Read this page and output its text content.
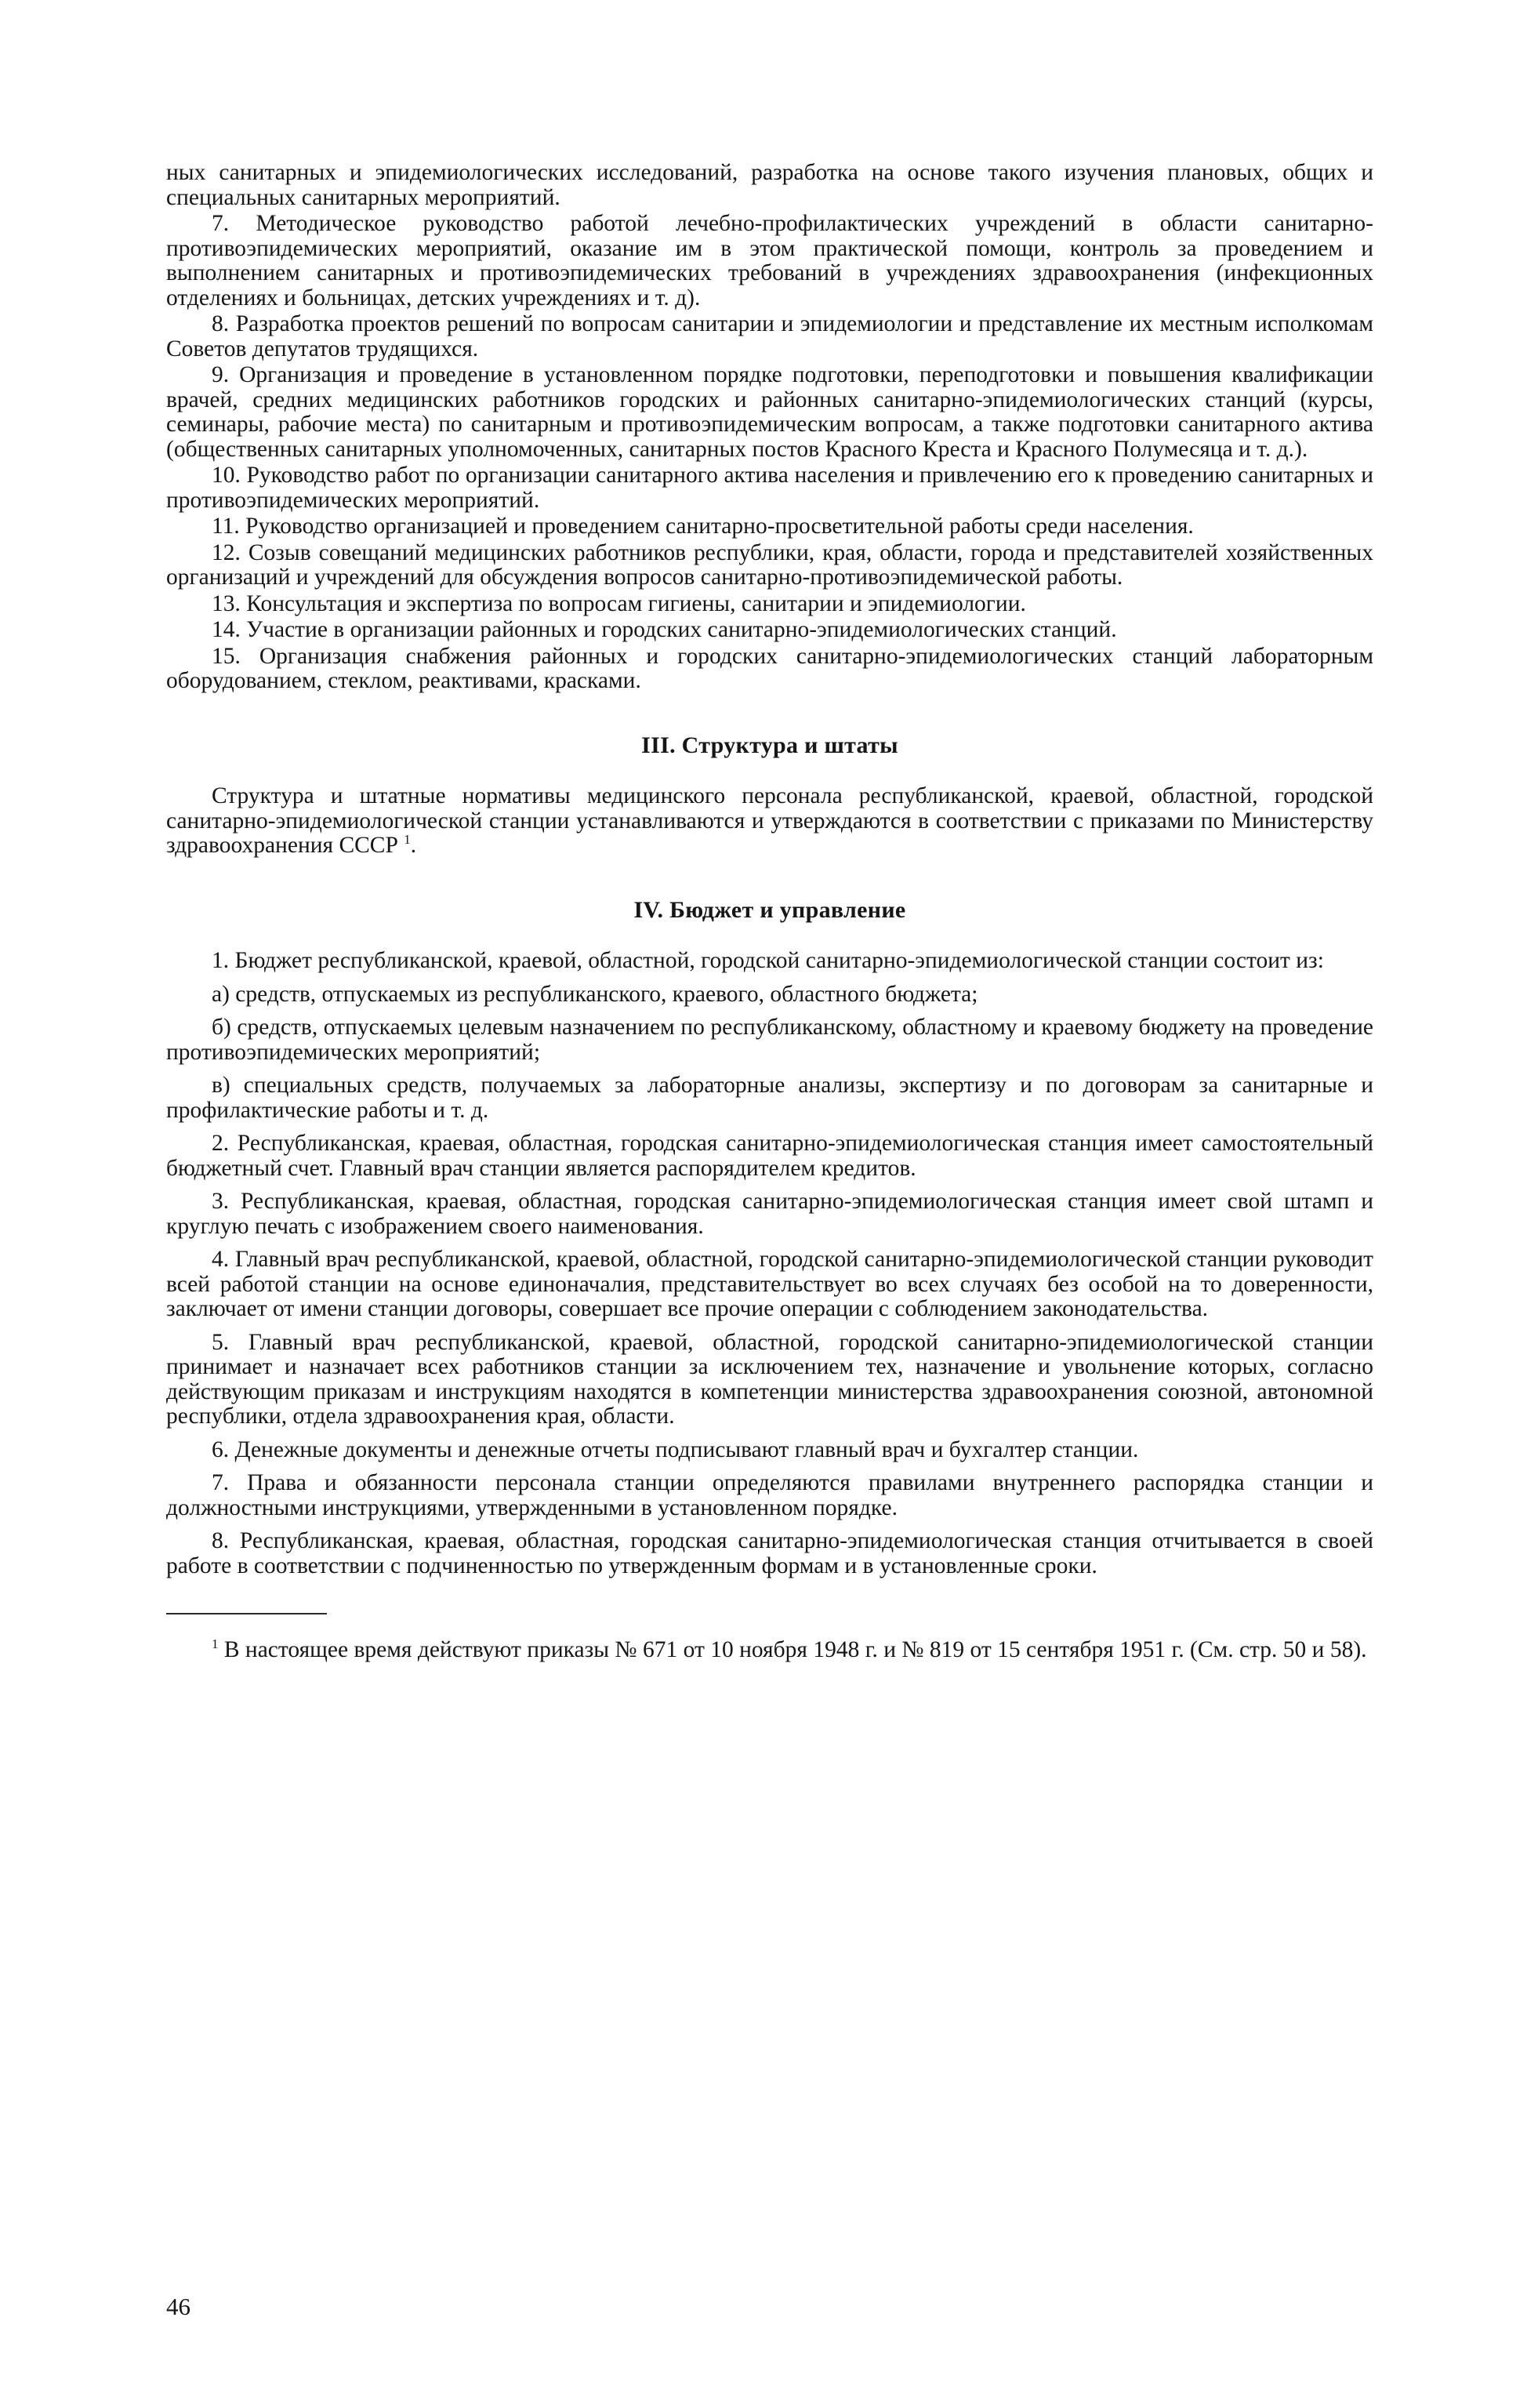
ных санитарных и эпидемиологических исследований, разработка на основе такого изучения плановых, общих и специальных санитарных мероприятий.

7. Методическое руководство работой лечебно-профилактических учреждений в области санитарно-противоэпидемических мероприятий, оказание им в этом практической помощи, контроль за проведением и выполнением санитарных и противоэпидемических требований в учреждениях здравоохранения (инфекционных отделениях и больницах, детских учреждениях и т. д).

8. Разработка проектов решений по вопросам санитарии и эпидемиологии и представление их местным исполкомам Советов депутатов трудящихся.

9. Организация и проведение в установленном порядке подготовки, переподготовки и повышения квалификации врачей, средних медицинских работников городских и районных санитарно-эпидемиологических станций (курсы, семинары, рабочие места) по санитарным и противоэпидемическим вопросам, а также подготовки санитарного актива (общественных санитарных уполномоченных, санитарных постов Красного Креста и Красного Полумесяца и т. д.).

10. Руководство работ по организации санитарного актива населения и привлечению его к проведению санитарных и противоэпидемических мероприятий.

11. Руководство организацией и проведением санитарно-просветительной работы среди населения.

12. Созыв совещаний медицинских работников республики, края, области, города и представителей хозяйственных организаций и учреждений для обсуждения вопросов санитарно-противоэпидемической работы.

13. Консультация и экспертиза по вопросам гигиены, санитарии и эпидемиологии.

14. Участие в организации районных и городских санитарно-эпидемиологических станций.

15. Организация снабжения районных и городских санитарно-эпидемиологических станций лабораторным оборудованием, стеклом, реактивами, красками.

III. Структура и штаты

Структура и штатные нормативы медицинского персонала республиканской, краевой, областной, городской санитарно-эпидемиологической станции устанавливаются и утверждаются в соответствии с приказами по Министерству здравоохранения СССР $^1$.

IV. Бюджет и управление

1. Бюджет республиканской, краевой, областной, городской санитарно-эпидемиологической станции состоит из:

а) средств, отпускаемых из республиканского, краевого, областного бюджета;

б) средств, отпускаемых целевым назначением по республиканскому, областному и краевому бюджету на проведение противоэпидемических мероприятий;

в) специальных средств, получаемых за лабораторные анализы, экспертизу и по договорам за санитарные и профилактические работы и т. д.

2. Республиканская, краевая, областная, городская санитарно-эпидемиологическая станция имеет самостоятельный бюджетный счет. Главный врач станции является распорядителем кредитов.

3. Республиканская, краевая, областная, городская санитарно-эпидемиологическая станция имеет свой штамп и круглую печать с изображением своего наименования.

4. Главный врач республиканской, краевой, областной, городской санитарно-эпидемиологической станции руководит всей работой станции на основе единоначалия, представительствует во всех случаях без особой на то доверенности, заключает от имени станции договоры, совершает все прочие операции с соблюдением законодательства.

5. Главный врач республиканской, краевой, областной, городской санитарно-эпидемиологической станции принимает и назначает всех работников станции за исключением тех, назначение и увольнение которых, согласно действующим приказам и инструкциям находятся в компетенции министерства здравоохранения союзной, автономной республики, отдела здравоохранения края, области.

6. Денежные документы и денежные отчеты подписывают главный врач и бухгалтер станции.

7. Права и обязанности персонала станции определяются правилами внутреннего распорядка станции и должностными инструкциями, утвержденными в установленном порядке.

8. Республиканская, краевая, областная, городская санитарно-эпидемиологическая станция отчитывается в своей работе в соответствии с подчиненностью по утвержденным формам и в установленные сроки.

$^1$ В настоящее время действуют приказы № 671 от 10 ноября 1948 г. и № 819 от 15 сентября 1951 г. (См. стр. 50 и 58).

46
